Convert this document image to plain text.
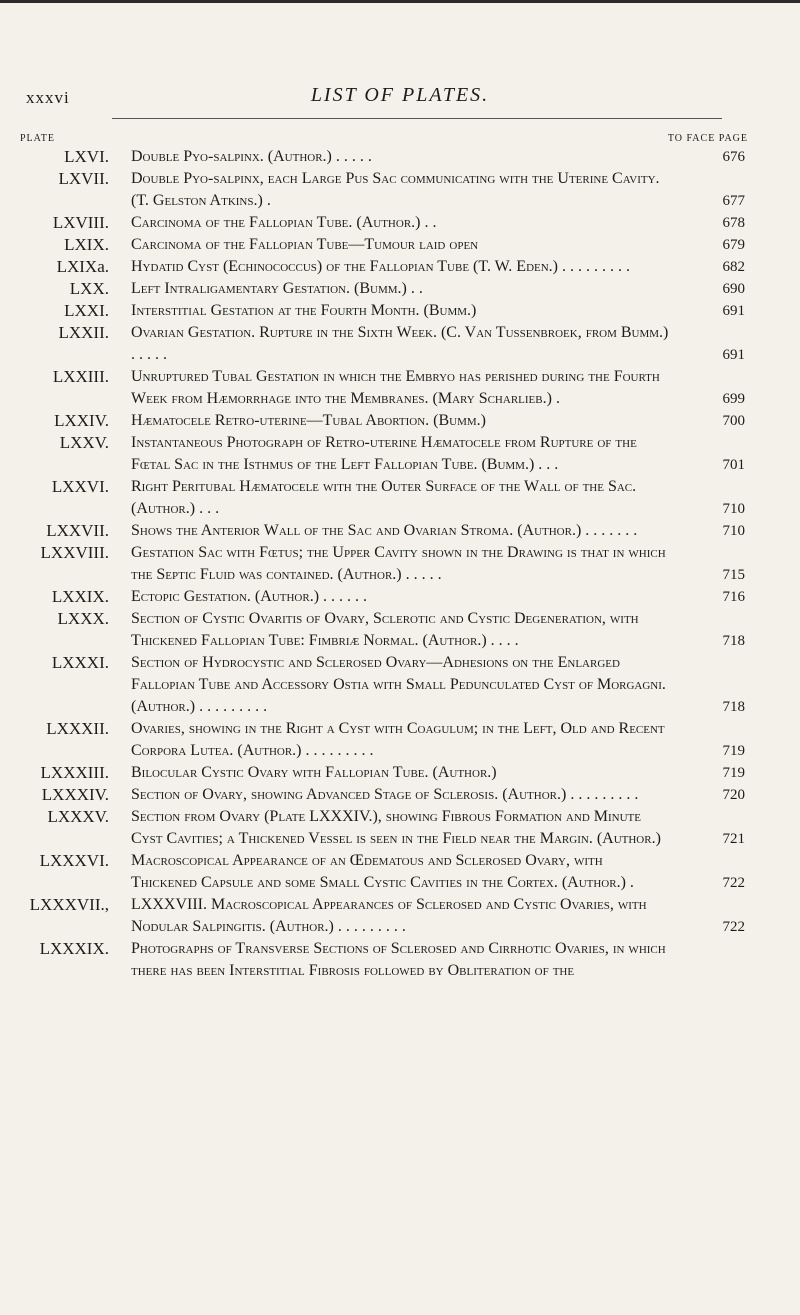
xxxvi	LIST OF PLATES.
PLATE	TO FACE PAGE
LXVI. Double Pyo-salpinx. (Author.) . . . . .	676
LXVII. Double Pyo-salpinx, each Large Pus Sac communicating with the Uterine Cavity. (T. Gelston Atkins.) .	677
LXVIII. Carcinoma of the Fallopian Tube. (Author.) . .	678
LXIX. Carcinoma of the Fallopian Tube—Tumour laid open	679
LXIXa. Hydatid Cyst (Echinococcus) of the Fallopian Tube (T. W. Eden.) . . . . . . . . .	682
LXX. Left Intraligamentary Gestation. (Bumm.) . .	690
LXXI. Interstitial Gestation at the Fourth Month. (Bumm.)	691
LXXII. Ovarian Gestation. Rupture in the Sixth Week. (C. Van Tussenbroek, from Bumm.) . . . . .	691
LXXIII. Unruptured Tubal Gestation in which the Embryo has perished during the Fourth Week from Hæmorrhage into the Membranes. (Mary Scharlieb.) .	699
LXXIV. Hæmatocele Retro-uterine—Tubal Abortion. (Bumm.)	700
LXXV. Instantaneous Photograph of Retro-uterine Hæmatocele from Rupture of the Fœtal Sac in the Isthmus of the Left Fallopian Tube. (Bumm.) . . .	701
LXXVI. Right Peritubal Hæmatocele with the Outer Surface of the Wall of the Sac. (Author.) . . .	710
LXXVII. Shows the Anterior Wall of the Sac and Ovarian Stroma. (Author.) . . . . . . .	710
LXXVIII. Gestation Sac with Fœtus; the Upper Cavity shown in the Drawing is that in which the Septic Fluid was contained. (Author.) . . . . .	715
LXXIX. Ectopic Gestation. (Author.) . . . . . .	716
LXXX. Section of Cystic Ovaritis of Ovary, Sclerotic and Cystic Degeneration, with Thickened Fallopian Tube: Fimbriæ Normal. (Author.) . . . .	718
LXXXI. Section of Hydrocystic and Sclerosed Ovary—Adhesions on the Enlarged Fallopian Tube and Accessory Ostia with Small Pedunculated Cyst of Morgagni. (Author.) . . . . . . . . .	718
LXXXII. Ovaries, showing in the Right a Cyst with Coagulum; in the Left, Old and Recent Corpora Lutea. (Author.) . . . . . . . . .	719
LXXXIII. Bilocular Cystic Ovary with Fallopian Tube. (Author.)	719
LXXXIV. Section of Ovary, showing Advanced Stage of Sclerosis. (Author.) . . . . . . . . .	720
LXXXV. Section from Ovary (Plate LXXXIV.), showing Fibrous Formation and Minute Cyst Cavities; a Thickened Vessel is seen in the Field near the Margin. (Author.)	721
LXXXVI. Macroscopical Appearance of an Œdematous and Sclerosed Ovary, with Thickened Capsule and some Small Cystic Cavities in the Cortex. (Author.) .	722
LXXXVII., LXXXVIII. Macroscopical Appearances of Sclerosed and Cystic Ovaries, with Nodular Salpingitis. (Author.) . . . . . . . . .	722
LXXXIX. Photographs of Transverse Sections of Sclerosed and Cirrhotic Ovaries, in which there has been Interstitial Fibrosis followed by Obliteration of the
